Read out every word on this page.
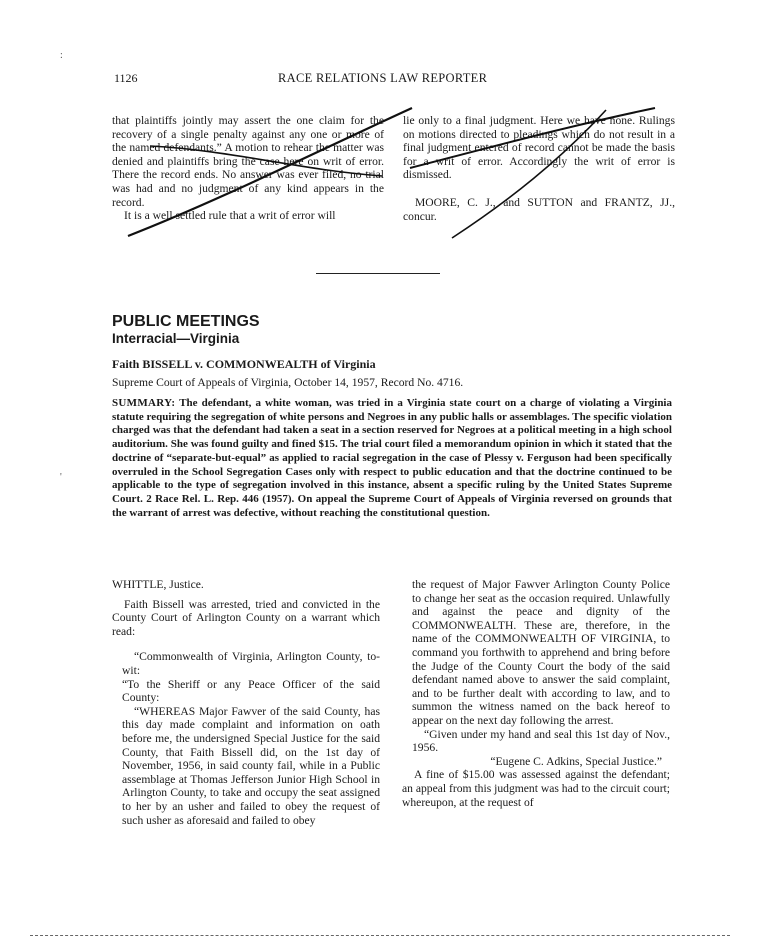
1126	RACE RELATIONS LAW REPORTER

that plaintiffs jointly may assert the one claim for the recovery of a single penalty against any one or more of the named defendants.” A motion to rehear the matter was denied and plaintiffs bring the case here on writ of error. There the record ends. No answer was ever filed, no trial was had and no judgment of any kind appears in the record.

It is a well settled rule that a writ of error will

lie only to a final judgment. Here we have none. Rulings on motions directed to pleadings which do not result in a final judgment entered of record cannot be made the basis for a writ of error. Accordingly the writ of error is dismissed.

MOORE, C. J., and SUTTON and FRANTZ, JJ., concur.

PUBLIC MEETINGS
Interracial—Virginia
Faith BISSELL v. COMMONWEALTH of Virginia
Supreme Court of Appeals of Virginia, October 14, 1957, Record No. 4716.
SUMMARY: The defendant, a white woman, was tried in a Virginia state court on a charge of violating a Virginia statute requiring the segregation of white persons and Negroes in any public halls or assemblages. The specific violation charged was that the defendant had taken a seat in a section reserved for Negroes at a political meeting in a high school auditorium. She was found guilty and fined $15. The trial court filed a memorandum opinion in which it stated that the doctrine of “separate-but-equal” as applied to racial segregation in the case of Plessy v. Ferguson had been specifically overruled in the School Segregation Cases only with respect to public education and that the doctrine continued to be applicable to the type of segregation involved in this instance, absent a specific ruling by the United States Supreme Court. 2 Race Rel. L. Rep. 446 (1957). On appeal the Supreme Court of Appeals of Virginia reversed on grounds that the warrant of arrest was defective, without reaching the constitutional question.

WHITTLE, Justice.

Faith Bissell was arrested, tried and convicted in the County Court of Arlington County on a warrant which read:

“Commonwealth of Virginia, Arlington County, to-wit:

“To the Sheriff or any Peace Officer of the said County:

“WHEREAS Major Fawver of the said County, has this day made complaint and information on oath before me, the undersigned Special Justice for the said County, that Faith Bissell did, on the 1st day of November, 1956, in said county fail, while in a Public assemblage at Thomas Jefferson Junior High School in Arlington County, to take and occupy the seat assigned to her by an usher and failed to obey the request of such usher as aforesaid and failed to obey

the request of Major Fawver Arlington County Police to change her seat as the occasion required. Unlawfully and against the peace and dignity of the COMMONWEALTH. These are, therefore, in the name of the COMMONWEALTH OF VIRGINIA, to command you forthwith to apprehend and bring before the Judge of the County Court the body of the said defendant named above to answer the said complaint, and to be further dealt with according to law, and to summon the witness named on the back hereof to appear on the next day following the arrest.

“Given under my hand and seal this 1st day of Nov., 1956.

“Eugene C. Adkins, Special Justice.”

A fine of $15.00 was assessed against the defendant; an appeal from this judgment was had to the circuit court; whereupon, at the request of

:
'
